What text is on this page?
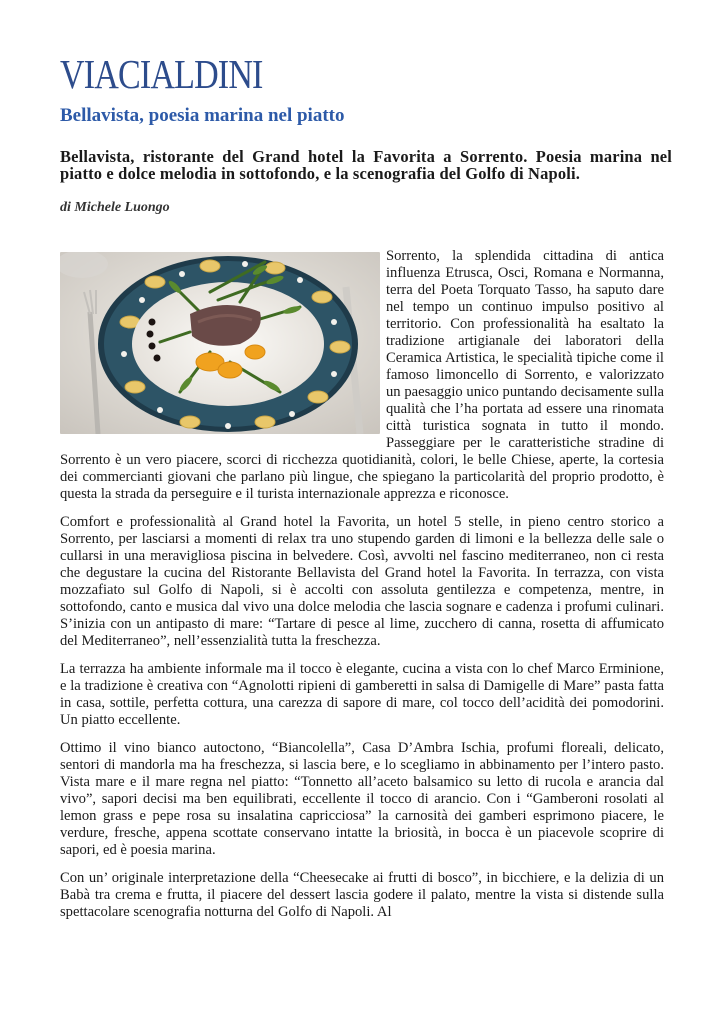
VIACIALDINI
Bellavista, poesia marina nel piatto

Bellavista, ristorante del Grand hotel la Favorita a Sorrento. Poesia marina nel piatto e dolce melodia in sottofondo, e la scenografia del Golfo di Napoli.

di Michele Luongo

Sorrento, la splendida cittadina di antica influenza Etrusca, Osci, Romana e Normanna, terra del Poeta Torquato Tasso, ha saputo dare nel tempo un continuo impulso positivo al territorio. Con professionalità ha esaltato la tradizione artigianale dei laboratori della Ceramica Artistica, le specialità tipiche come il famoso limoncello di Sorrento, e valorizzato un paesaggio unico puntando decisamente sulla qualità che l’ha portata ad essere una rinomata città turistica sognata in tutto il mondo. Passeggiare per le caratteristiche stradine di Sorrento è un vero piacere, scorci di ricchezza quotidianità, colori, le belle Chiese, aperte, la cortesia dei commercianti giovani che parlano più lingue, che spiegano la particolarità del proprio prodotto, è questa la strada da perseguire e il turista internazionale apprezza e riconosce.

Comfort e professionalità al Grand hotel la Favorita, un hotel 5 stelle, in pieno centro storico a Sorrento, per lasciarsi a momenti di relax tra uno stupendo garden di limoni e la bellezza delle sale o cullarsi in una meravigliosa piscina in belvedere. Così, avvolti nel fascino mediterraneo, non ci resta che degustare la cucina del Ristorante Bellavista del Grand hotel la Favorita. In terrazza, con vista mozzafiato sul Golfo di Napoli, si è accolti con assoluta gentilezza e competenza, mentre, in sottofondo, canto e musica dal vivo una dolce melodia che lascia sognare e cadenza i profumi culinari. S’inizia con un antipasto di mare: “Tartare di pesce al lime, zucchero di canna, rosetta di affumicato del Mediterraneo”, nell’essenzialità tutta la freschezza.

La terrazza ha ambiente informale ma il tocco è elegante, cucina a vista con lo chef Marco Erminione, e la tradizione è creativa con “Agnolotti ripieni di gamberetti in salsa di Damigelle di Mare” pasta fatta in casa, sottile, perfetta cottura, una carezza di sapore di mare, col tocco dell’acidità dei pomodorini. Un piatto eccellente.

Ottimo il vino bianco autoctono, “Biancolella”, Casa D’Ambra Ischia, profumi floreali, delicato, sentori di mandorla ma ha freschezza, si lascia bere, e lo scegliamo in abbinamento per l’intero pasto. Vista mare e il mare regna nel piatto: “Tonnetto all’aceto balsamico su letto di rucola e arancia dal vivo”, sapori decisi ma ben equilibrati, eccellente il tocco di arancio. Con i “Gamberoni rosolati al lemon grass e pepe rosa su insalatina capricciosa” la carnosità dei gamberi esprimono piacere, le verdure, fresche, appena scottate conservano intatte la briosità, in bocca è un piacevole scoprire di sapori, ed è poesia marina.

Con un’ originale interpretazione della “Cheesecake ai frutti di bosco”, in bicchiere, e la delizia di un Babà tra crema e frutta, il piacere del dessert lascia godere il palato, mentre la vista si distende sulla spettacolare scenografia notturna del Golfo di Napoli. Al
